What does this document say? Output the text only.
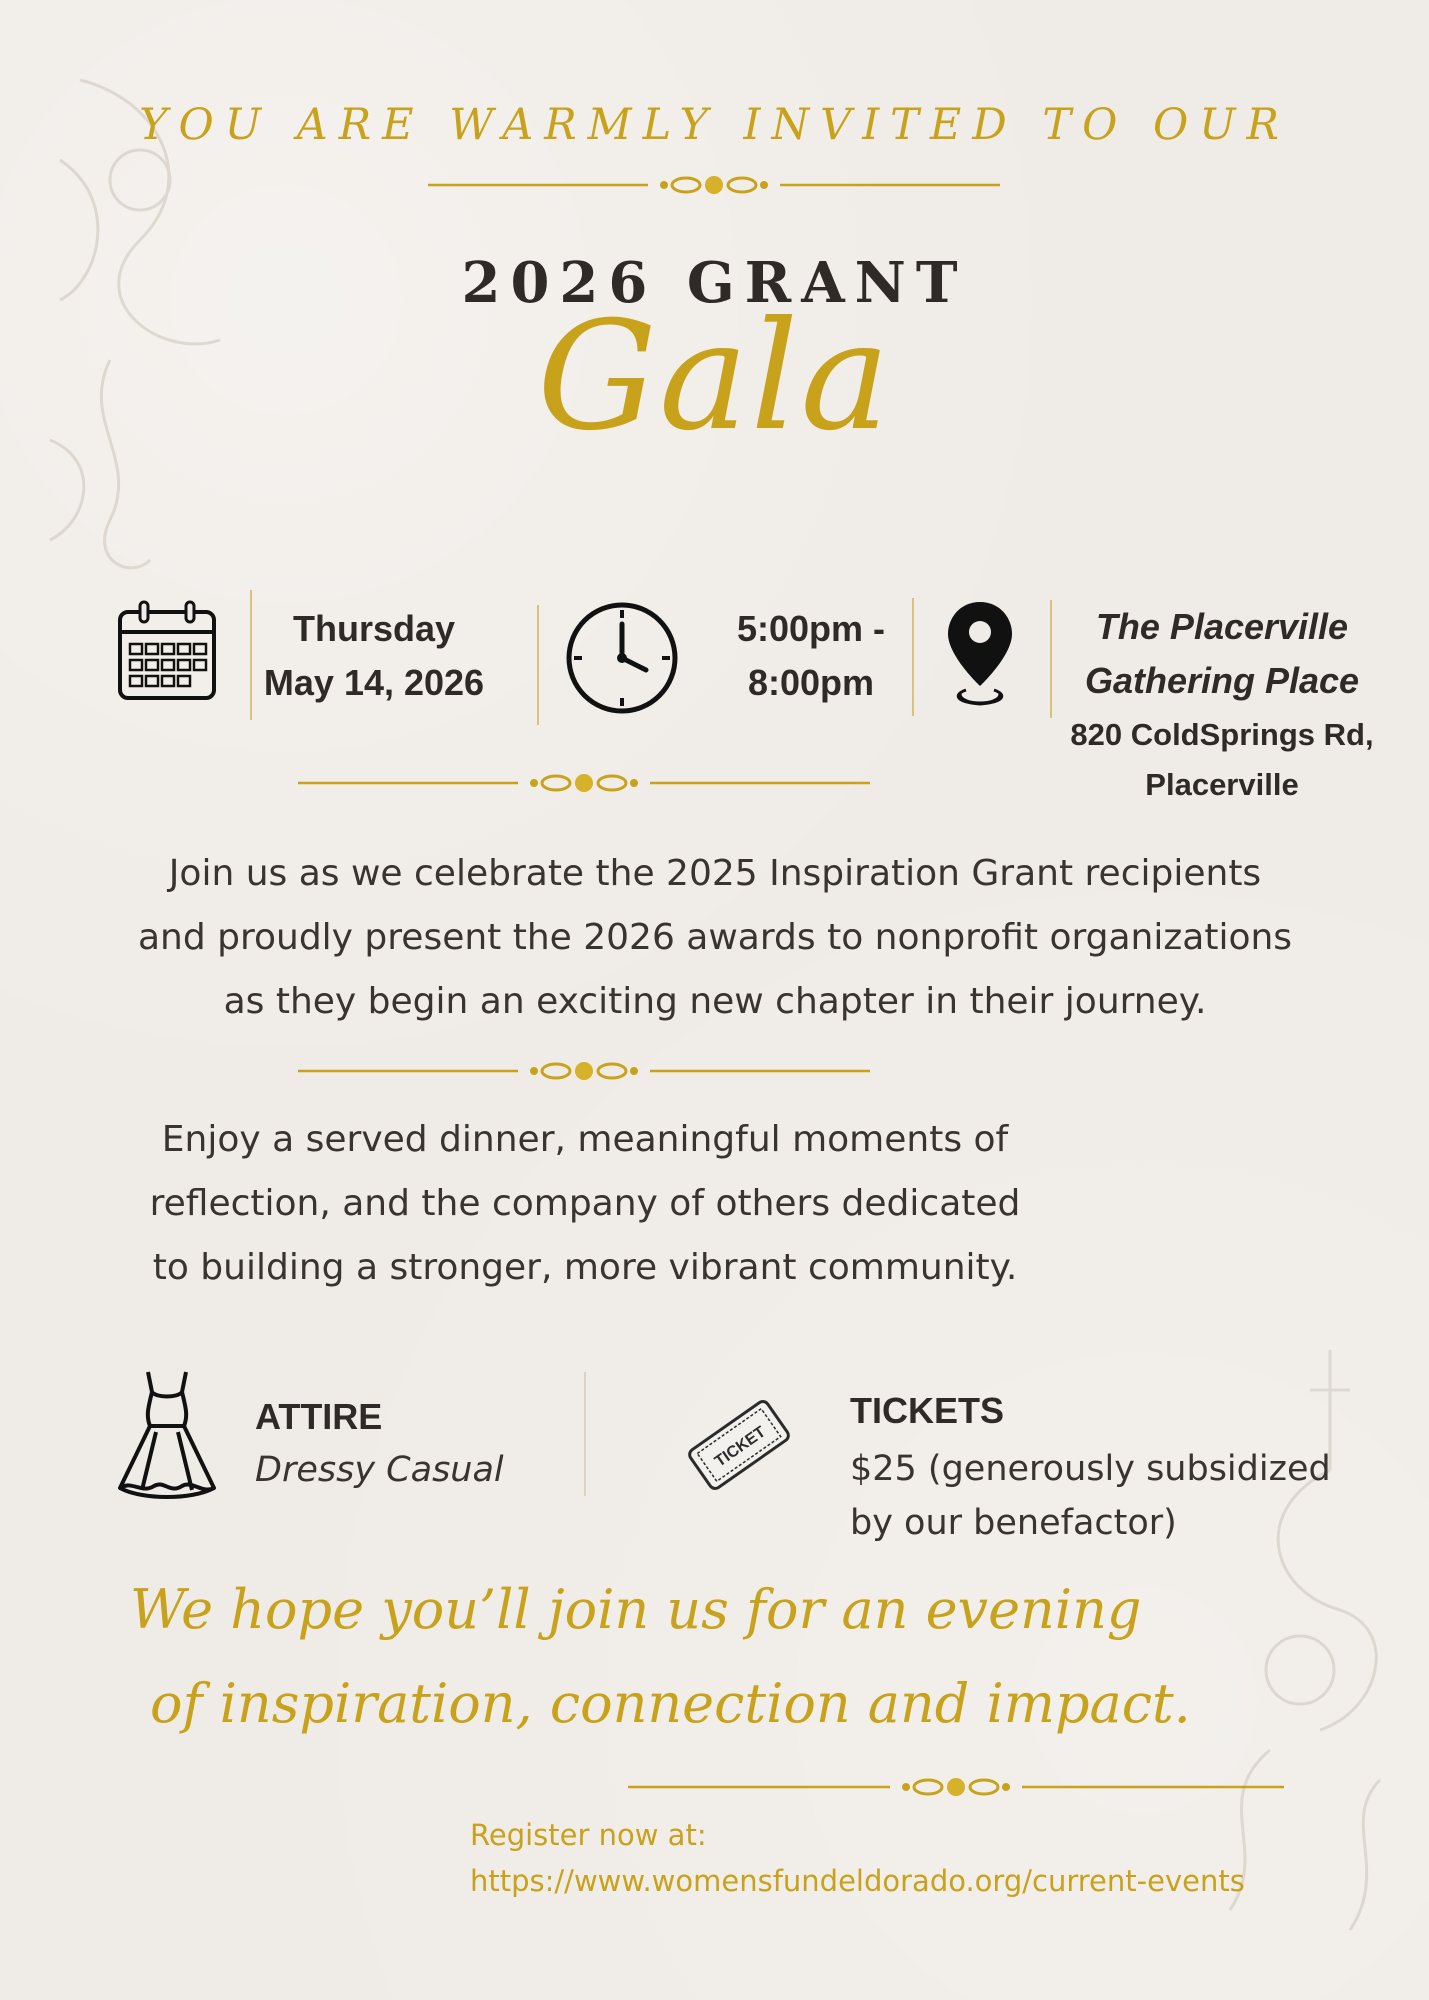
YOU ARE WARMLY INVITED TO OUR
2026 GRANT
Gala
Thursday
May 14, 2026
5:00pm -
8:00pm
The Placerville
Gathering Place
820 ColdSprings Rd,
Placerville
Join us as we celebrate the 2025 Inspiration Grant recipients
and proudly present the 2026 awards to nonprofit organizations
as they begin an exciting new chapter in their journey.
Enjoy a served dinner, meaningful moments of
reflection, and the company of others dedicated
to building a stronger, more vibrant community.
ATTIRE
Dressy Casual	TICKET
TICKETS
$25 (generously subsidized
by our benefactor)
We hope you’ll join us for an evening
of inspiration, connection and impact.
Register now at:
https://www.womensfundeldorado.org/current-events
